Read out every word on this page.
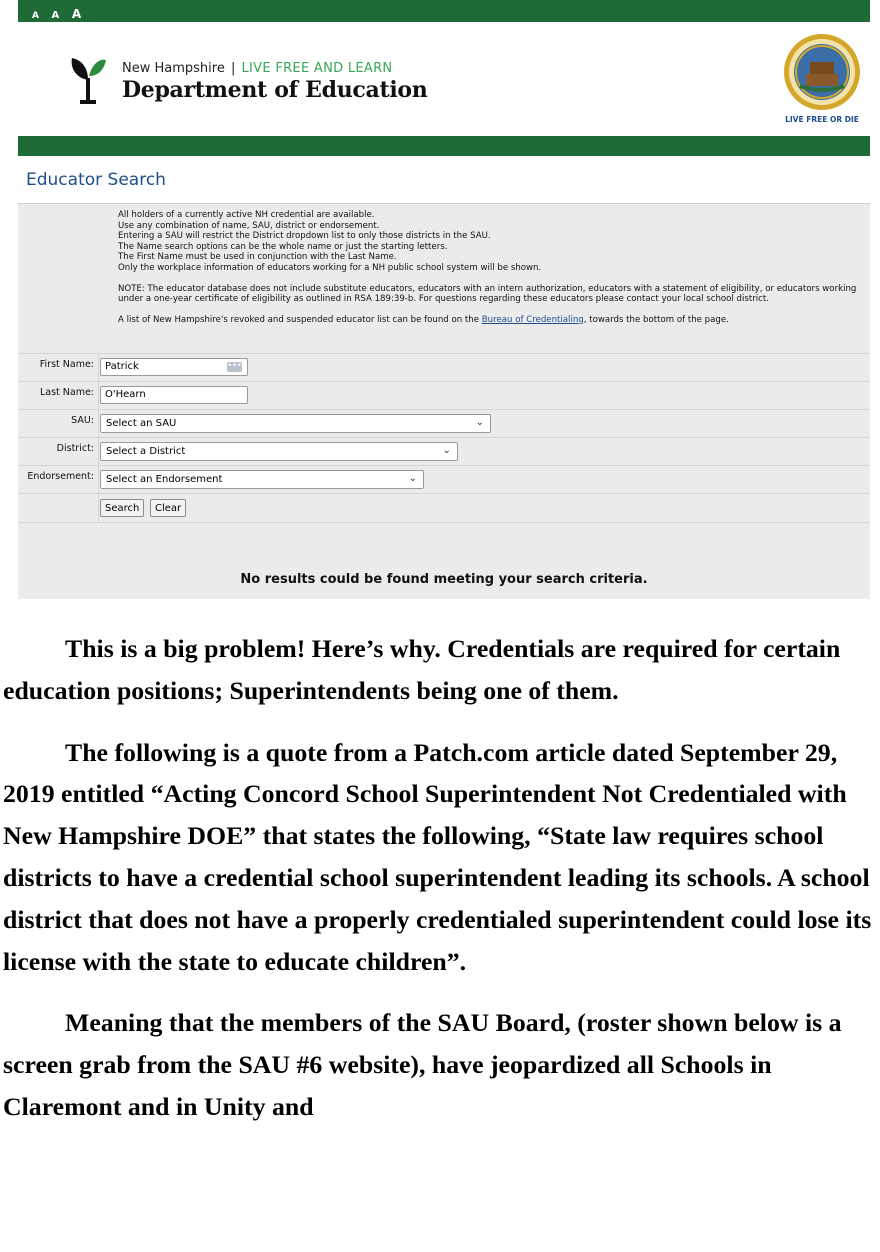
A A A
New Hampshire | LIVE FREE AND LEARN
Department of Education
LIVE FREE OR DIE
Educator Search

All holders of a currently active NH credential are available.

Use any combination of name, SAU, district or endorsement.

Entering a SAU will restrict the District dropdown list to only those districts in the SAU.

The Name search options can be the whole name or just the starting letters.

The First Name must be used in conjunction with the Last Name.

Only the workplace information of educators working for a NH public school system will be shown.

NOTE: The educator database does not include substitute educators, educators with an intern authorization, educators with a statement of eligibility, or educators working under a one-year certificate of eligibility as outlined in RSA 189:39-b. For questions regarding these educators please contact your local school district.

A list of New Hampshire's revoked and suspended educator list can be found on the Bureau of Credentialing, towards the bottom of the page.

First Name:	Patrick	•••
Last Name:	O'Hearn
SAU:	Select an SAU	⌄
District:	Select a District	⌄
Endorsement:	Select an Endorsement	⌄
Search	Clear
No results could be found meeting your search criteria.

This is a big problem! Here’s why. Credentials are required for certain education positions; Superintendents being one of them.

The following is a quote from a Patch.com article dated September 29, 2019 entitled “Acting Concord School Superintendent Not Credentialed with New Hampshire DOE” that states the following, “State law requires school districts to have a credential school superintendent leading its schools. A school district that does not have a properly credentialed superintendent could lose its license with the state to educate children”.

Meaning that the members of the SAU Board, (roster shown below is a screen grab from the SAU #6 website), have jeopardized all Schools in Claremont and in Unity and
